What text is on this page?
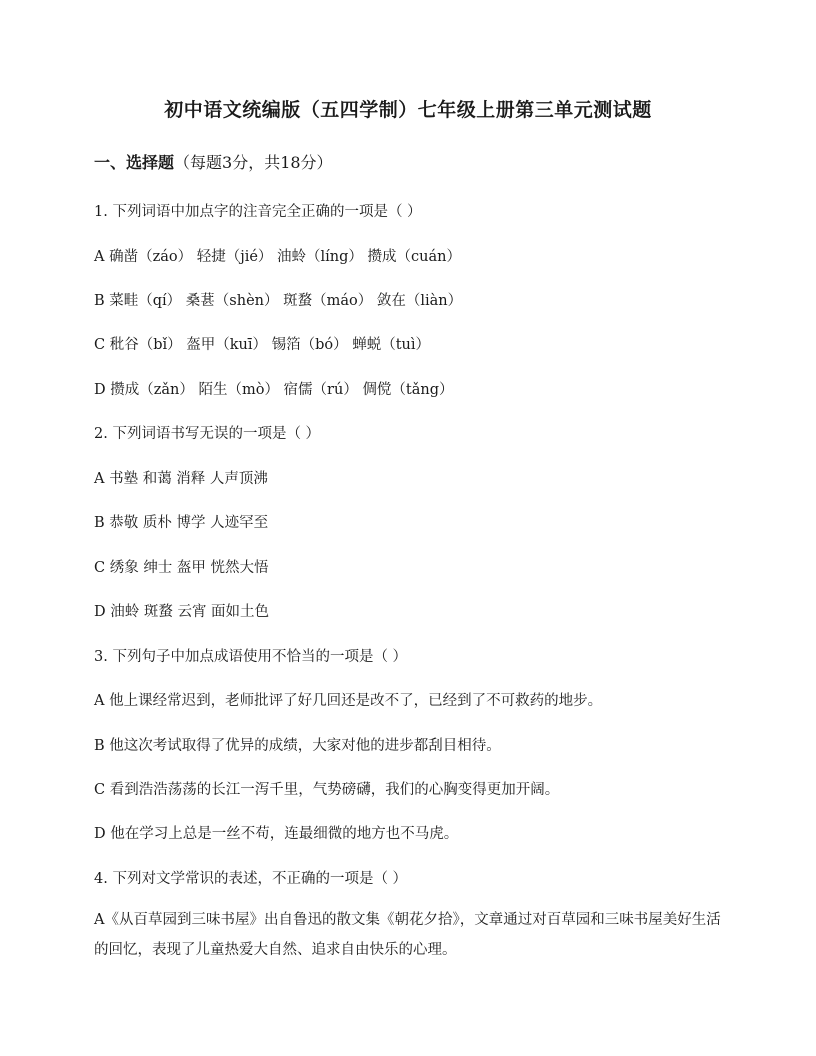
初中语文统编版（五四学制）七年级上册第三单元测试题
一、选择题（每题3分，共18分）
1. 下列词语中加点字的注音完全正确的一项是（ ）
A 确凿（záo） 轻捷（jié） 油蛉（líng） 攒成（cuán）
B 菜畦（qí） 桑葚（shèn） 斑蝥（máo） 敛在（liàn）
C 秕谷（bǐ） 盔甲（kuī） 锡箔（bó） 蝉蜕（tuì）
D 攒成（zǎn） 陌生（mò） 宿儒（rú） 倜傥（tǎng）
2. 下列词语书写无误的一项是（ ）
A 书塾 和蔼 消释 人声顶沸
B 恭敬 质朴 博学 人迹罕至
C 绣象 绅士 盔甲 恍然大悟
D 油蛉 斑蝥 云宵 面如土色
3. 下列句子中加点成语使用不恰当的一项是（ ）
A 他上课经常迟到，老师批评了好几回还是改不了，已经到了不可救药的地步。
B 他这次考试取得了优异的成绩，大家对他的进步都刮目相待。
C 看到浩浩荡荡的长江一泻千里，气势磅礴，我们的心胸变得更加开阔。
D 他在学习上总是一丝不苟，连最细微的地方也不马虎。
4. 下列对文学常识的表述，不正确的一项是（ ）
A《从百草园到三味书屋》出自鲁迅的散文集《朝花夕拾》，文章通过对百草园和三味书屋美好生活的回忆，表现了儿童热爱大自然、追求自由快乐的心理。
